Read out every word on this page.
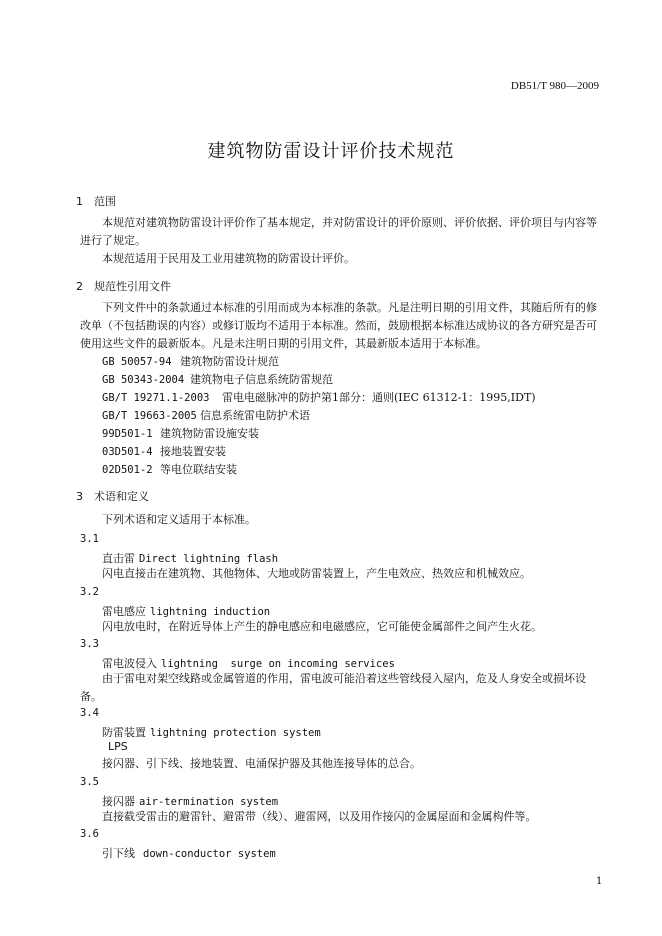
DB51/T 980—2009
建筑物防雷设计评价技术规范
1 范围
本规范对建筑物防雷设计评价作了基本规定，并对防雷设计的评价原则、评价依据、评价项目与内容等进行了规定。
本规范适用于民用及工业用建筑物的防雷设计评价。
2 规范性引用文件
下列文件中的条款通过本标准的引用而成为本标准的条款。凡是注明日期的引用文件，其随后所有的修改单（不包括勘误的内容）或修订版均不适用于本标准。然而，鼓励根据本标准达成协议的各方研究是否可使用这些文件的最新版本。凡是未注明日期的引用文件，其最新版本适用于本标准。
GB 50057-94 建筑物防雷设计规范
GB 50343-2004 建筑物电子信息系统防雷规范
GB/T 19271.1-2003 雷电电磁脉冲的防护第1部分：通则(IEC 61312-1：1995,IDT)
GB/T 19663-2005 信息系统雷电防护术语
99D501-1 建筑物防雷设施安装
03D501-4 接地装置安装
02D501-2 等电位联结安装
3 术语和定义
下列术语和定义适用于本标准。
3.1
直击雷 Direct lightning flash
闪电直接击在建筑物、其他物体、大地或防雷装置上，产生电效应、热效应和机械效应。
3.2
雷电感应 lightning induction
闪电放电时，在附近导体上产生的静电感应和电磁感应，它可能使金属部件之间产生火花。
3.3
雷电波侵入 lightning  surge on incoming services
由于雷电对架空线路或金属管道的作用，雷电波可能沿着这些管线侵入屋内，危及人身安全或损坏设备。
3.4
防雷装置 lightning protection system
LPS
接闪器、引下线、接地装置、电涌保护器及其他连接导体的总合。
3.5
接闪器 air-termination system
直接截受雷击的避雷针、避雷带（线）、避雷网，以及用作接闪的金属屋面和金属构件等。
3.6
引下线 down-conductor system
1
